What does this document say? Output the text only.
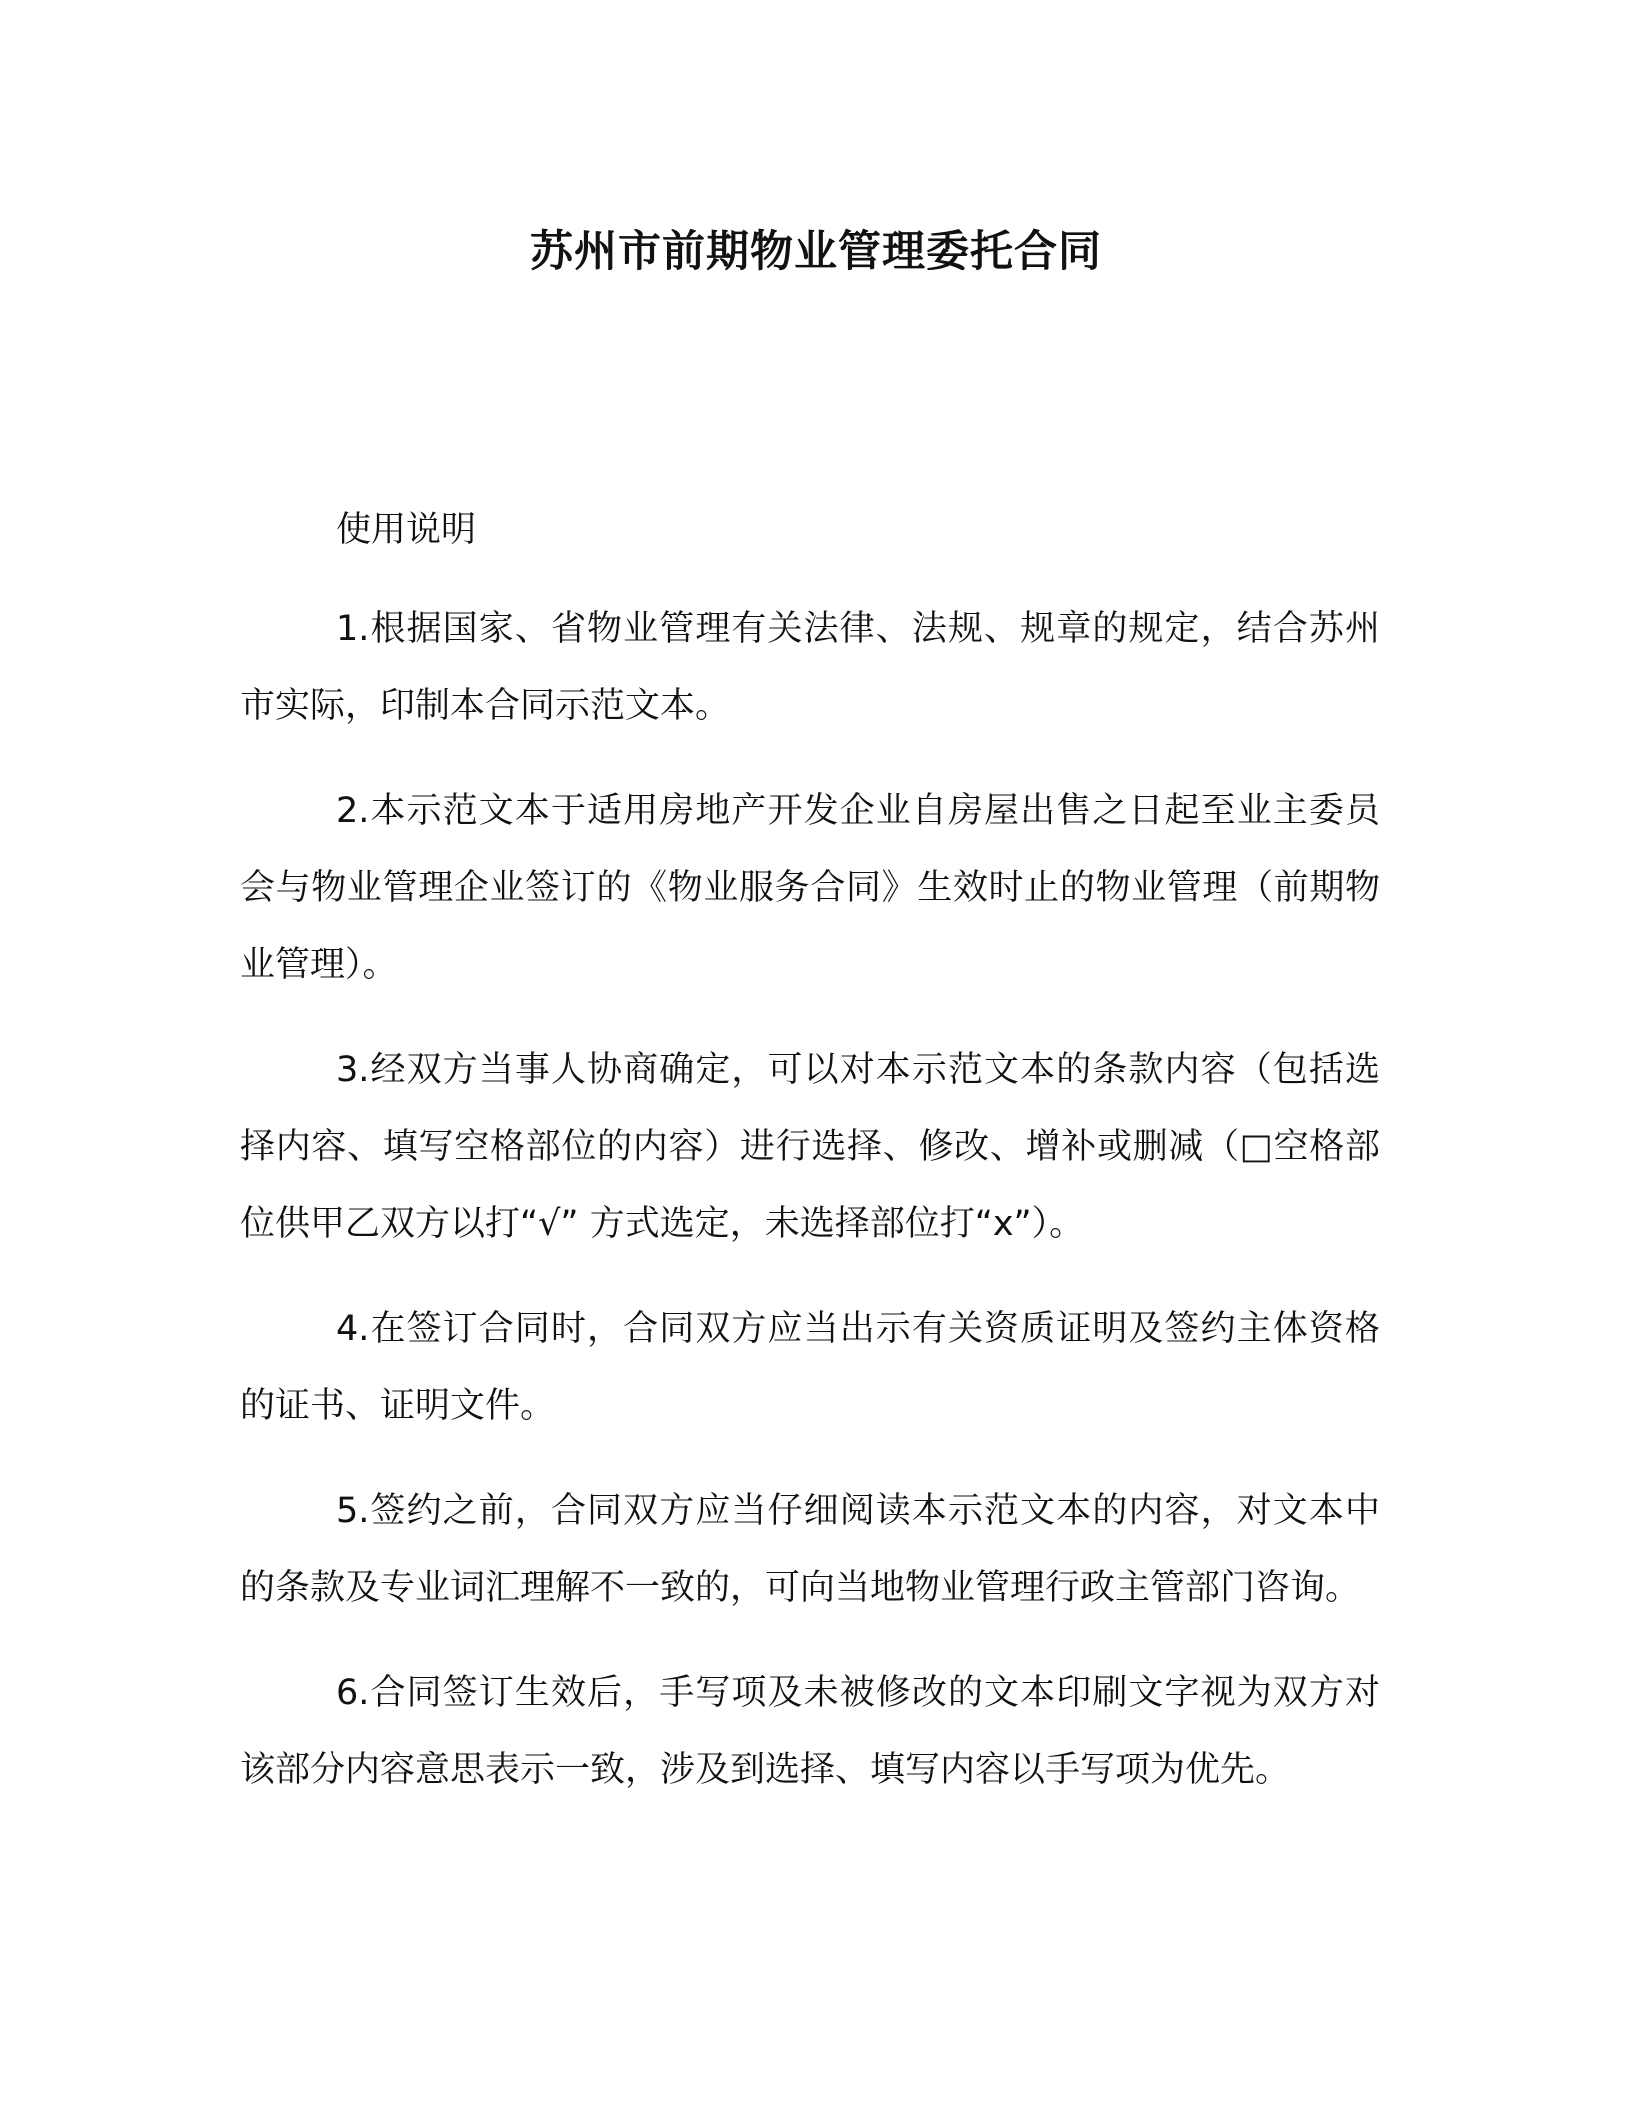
苏州市前期物业管理委托合同

使用说明

1.根据国家、省物业管理有关法律、法规、规章的规定，结合苏州市实际，印制本合同示范文本。

2.本示范文本于适用房地产开发企业自房屋出售之日起至业主委员会与物业管理企业签订的《物业服务合同》生效时止的物业管理（前期物业管理）。

3.经双方当事人协商确定，可以对本示范文本的条款内容（包括选择内容、填写空格部位的内容）进行选择、修改、增补或删减（□空格部位供甲乙双方以打“√” 方式选定，未选择部位打“x”）。

4.在签订合同时，合同双方应当出示有关资质证明及签约主体资格的证书、证明文件。

5.签约之前，合同双方应当仔细阅读本示范文本的内容，对文本中的条款及专业词汇理解不一致的，可向当地物业管理行政主管部门咨询。

6.合同签订生效后，手写项及未被修改的文本印刷文字视为双方对该部分内容意思表示一致，涉及到选择、填写内容以手写项为优先。
